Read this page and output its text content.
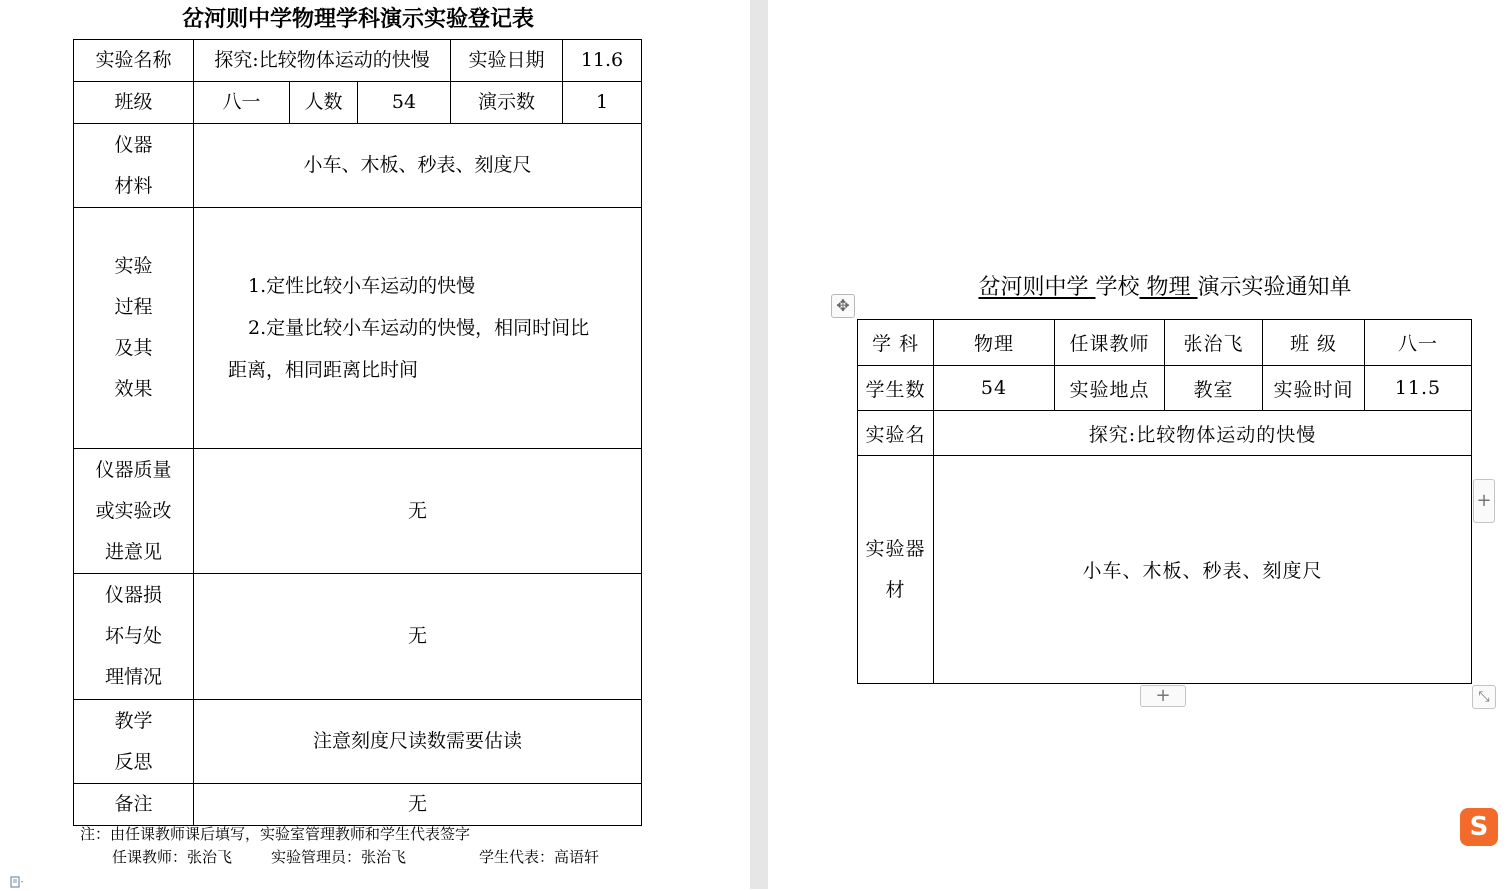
岔河则中学物理学科演示实验登记表
实验名称	探究:比较物体运动的快慢			实验日期	11.6
班级	八一	人数	54	演示数	1

仪器
材料	小车、木板、秒表、刻度尺				

实验
过程
及其
效果	1.定性比较小车运动的快慢
2.定量比较小车运动的快慢，相同时间比
距离，相同距离比时间				

仪器质量
或实验改
进意见	无				

仪器损
坏与处
理情况	无				

教学
反思	注意刻度尺读数需要估读				
备注	无				
注：由任课教师课后填写，实验室管理教师和学生代表签字
任课教师：张治飞	实验管理员：张治飞	学生代表：高语轩
岔河则中学 学校 物理 演示实验通知单
✥
学 科	物理	任课教师	张治飞	班 级	八一
学生数	54	实验地点	教室	实验时间	11.5
实验名	探究:比较物体运动的快慢				

实验器
材	小车、木板、秒表、刻度尺				
+
+	⤡
S
